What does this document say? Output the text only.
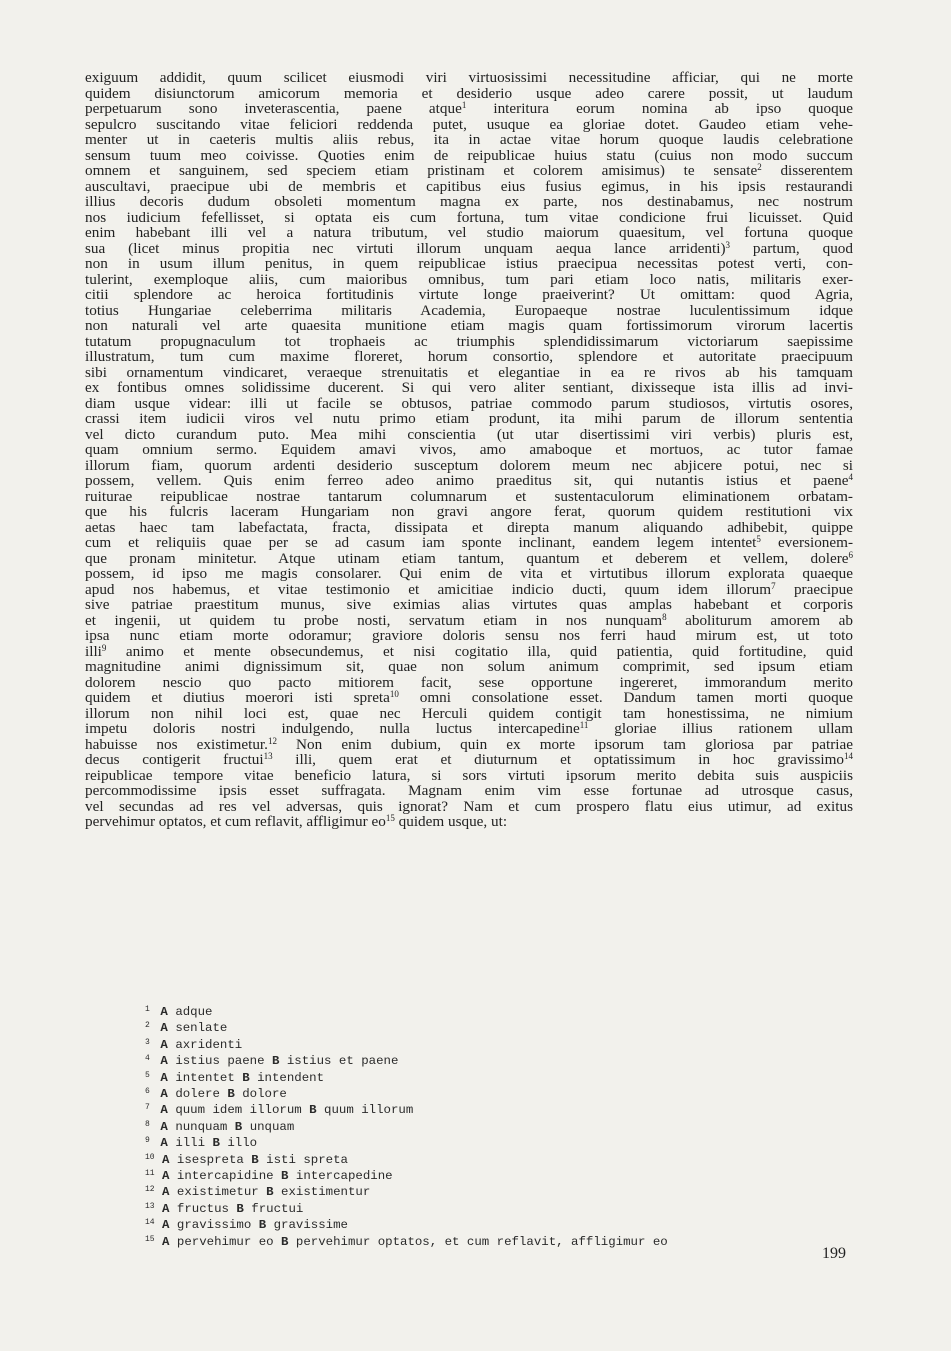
exiguum addidit, quum scilicet eiusmodi viri virtuosissimi necessitudine afficiar, qui ne morte
quidem disiunctorum amicorum memoria et desiderio usque adeo carere possit, ut laudum
perpetuarum sono inveterascentia, paene atque$^1$ interitura eorum nomina ab ipso quoque
sepulcro suscitando vitae feliciori reddenda putet, usuque ea gloriae dotet. Gaudeo etiam vehe-
menter ut in caeteris multis aliis rebus, ita in actae vitae horum quoque laudis celebratione
sensum tuum meo coivisse. Quoties enim de reipublicae huius statu (cuius non modo succum
omnem et sanguinem, sed speciem etiam pristinam et colorem amisimus) te sensate$^2$ disserentem
auscultavi, praecipue ubi de membris et capitibus eius fusius egimus, in his ipsis restaurandi
illius decoris dudum obsoleti momentum magna ex parte, nos destinabamus, nec nostrum
nos iudicium fefellisset, si optata eis cum fortuna, tum vitae condicione frui licuisset. Quid
enim habebant illi vel a natura tributum, vel studio maiorum quaesitum, vel fortuna quoque
sua (licet minus propitia nec virtuti illorum unquam aequa lance arridenti)$^3$ partum, quod
non in usum illum penitus, in quem reipublicae istius praecipua necessitas potest verti, con-
tulerint, exemploque aliis, cum maioribus omnibus, tum pari etiam loco natis, militaris exer-
citii splendore ac heroica fortitudinis virtute longe praeiverint? Ut omittam: quod Agria,
totius Hungariae celeberrima militaris Academia, Europaeque nostrae luculentissimum idque
non naturali vel arte quaesita munitione etiam magis quam fortissimorum virorum lacertis
tutatum propugnaculum tot trophaeis ac triumphis splendidissimarum victoriarum saepissime
illustratum, tum cum maxime floreret, horum consortio, splendore et autoritate praecipuum
sibi ornamentum vindicaret, veraeque strenuitatis et elegantiae in ea re rivos ab his tamquam
ex fontibus omnes solidissime ducerent. Si qui vero aliter sentiant, dixisseque ista illis ad invi-
diam usque videar: illi ut facile se obtusos, patriae commodo parum studiosos, virtutis osores,
crassi item iudicii viros vel nutu primo etiam produnt, ita mihi parum de illorum sententia
vel dicto curandum puto. Mea mihi conscientia (ut utar disertissimi viri verbis) pluris est,
quam omnium sermo. Equidem amavi vivos, amo amaboque et mortuos, ac tutor famae
illorum fiam, quorum ardenti desiderio susceptum dolorem meum nec abjicere potui, nec si
possem, vellem. Quis enim ferreo adeo animo praeditus sit, qui nutantis istius et paene$^4$
ruiturae reipublicae nostrae tantarum columnarum et sustentaculorum eliminationem orbatam-
que his fulcris laceram Hungariam non gravi angore ferat, quorum quidem restitutioni vix
aetas haec tam labefactata, fracta, dissipata et direpta manum aliquando adhibebit, quippe
cum et reliquiis quae per se ad casum iam sponte inclinant, eandem legem intentet$^5$ eversionem-
que pronam minitetur. Atque utinam etiam tantum, quantum et deberem et vellem, dolere$^6$
possem, id ipso me magis consolarer. Qui enim de vita et virtutibus illorum explorata quaeque
apud nos habemus, et vitae testimonio et amicitiae indicio ducti, quum idem illorum$^7$ praecipue
sive patriae praestitum munus, sive eximias alias virtutes quas amplas habebant et corporis
et ingenii, ut quidem tu probe nosti, servatum etiam in nos nunquam$^8$ aboliturum amorem ab
ipsa nunc etiam morte odoramur; graviore doloris sensu nos ferri haud mirum est, ut toto
illi$^9$ animo et mente obsecundemus, et nisi cogitatio illa, quid patientia, quid fortitudine, quid
magnitudine animi dignissimum sit, quae non solum animum comprimit, sed ipsum etiam
dolorem nescio quo pacto mitiorem facit, sese opportune ingereret, immorandum merito
quidem et diutius moerori isti spreta$^{10}$ omni consolatione esset. Dandum tamen morti quoque
illorum non nihil loci est, quae nec Herculi quidem contigit tam honestissima, ne nimium
impetu doloris nostri indulgendo, nulla luctus intercapedine$^{11}$ gloriae illius rationem ullam
habuisse nos existimetur.$^{12}$ Non enim dubium, quin ex morte ipsorum tam gloriosa par patriae
decus contigerit fructui$^{13}$ illi, quem erat et diuturnum et optatissimum in hoc gravissimo$^{14}$
reipublicae tempore vitae beneficio latura, si sors virtuti ipsorum merito debita suis auspiciis
percommodissime ipsis esset suffragata. Magnam enim vim esse fortunae ad utrosque casus,
vel secundas ad res vel adversas, quis ignorat? Nam et cum prospero flatu eius utimur, ad exitus
pervehimur optatos, et cum reflavit, affligimur $eo^{15}$ quidem usque, ut:
1 A adque
2 A senlate
3 A axridenti
4 A istius paene B istius et paene
5 A intentet B intendent
6 A dolere B dolore
7 A quum idem illorum B quum illorum
8 A nunquam B unquam
9 A illi B illo
10 A isespreta B isti spreta
11 A intercapidine B intercapedine
12 A existimetur B existimentur
13 A fructus B fructui
14 A gravissimo B gravissime
15 A pervehimur eo B pervehimur optatos, et cum reflavit, affligimur eo
199
